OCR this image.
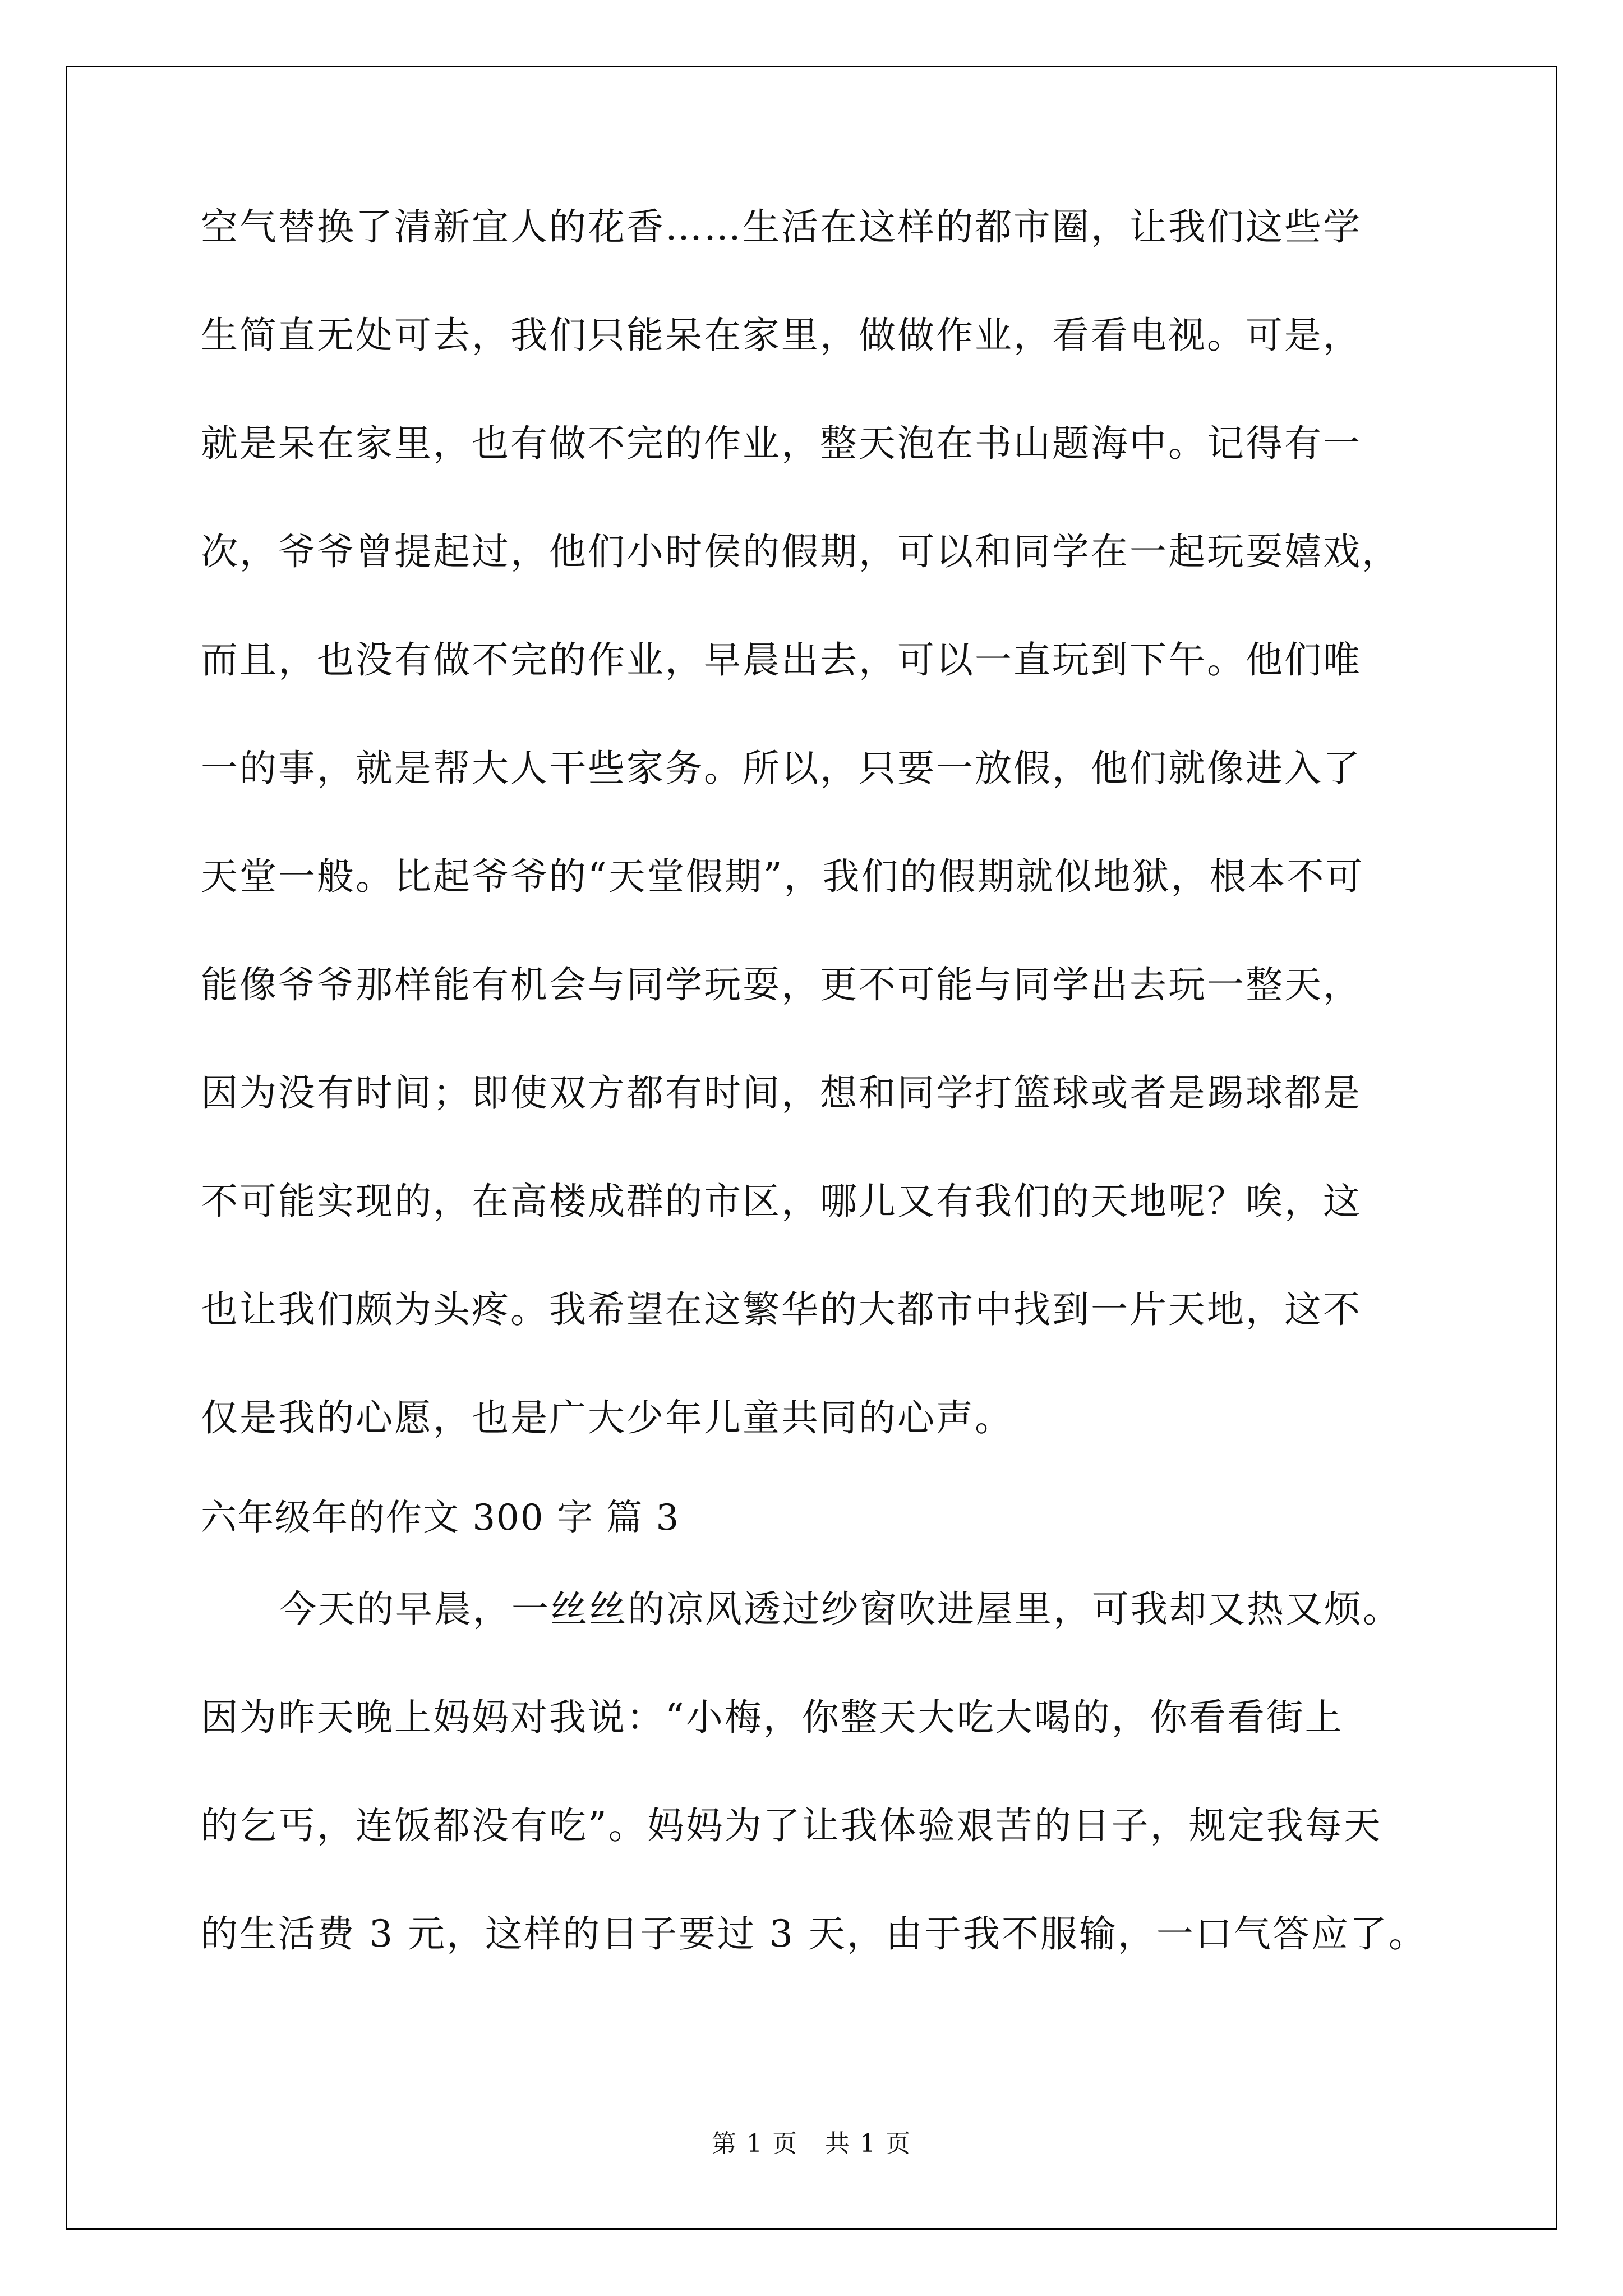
空气替换了清新宜人的花香……生活在这样的都市圈，让我们这些学
生简直无处可去，我们只能呆在家里，做做作业，看看电视。可是，
就是呆在家里，也有做不完的作业，整天泡在书山题海中。记得有一
次，爷爷曾提起过，他们小时侯的假期，可以和同学在一起玩耍嬉戏，
而且，也没有做不完的作业，早晨出去，可以一直玩到下午。他们唯
一的事，就是帮大人干些家务。所以，只要一放假，他们就像进入了
天堂一般。比起爷爷的“天堂假期”，我们的假期就似地狱，根本不可
能像爷爷那样能有机会与同学玩耍，更不可能与同学出去玩一整天，
因为没有时间；即使双方都有时间，想和同学打篮球或者是踢球都是
不可能实现的，在高楼成群的市区，哪儿又有我们的天地呢？唉，这
也让我们颇为头疼。我希望在这繁华的大都市中找到一片天地，这不
仅是我的心愿，也是广大少年儿童共同的心声。
六年级年的作文 300 字 篇 3
今天的早晨，一丝丝的凉风透过纱窗吹进屋里，可我却又热又烦。
因为昨天晚上妈妈对我说：“小梅，你整天大吃大喝的，你看看街上
的乞丐，连饭都没有吃”。妈妈为了让我体验艰苦的日子，规定我每天
的生活费 3 元，这样的日子要过 3 天，由于我不服输，一口气答应了。
第 1 页 共 1 页
